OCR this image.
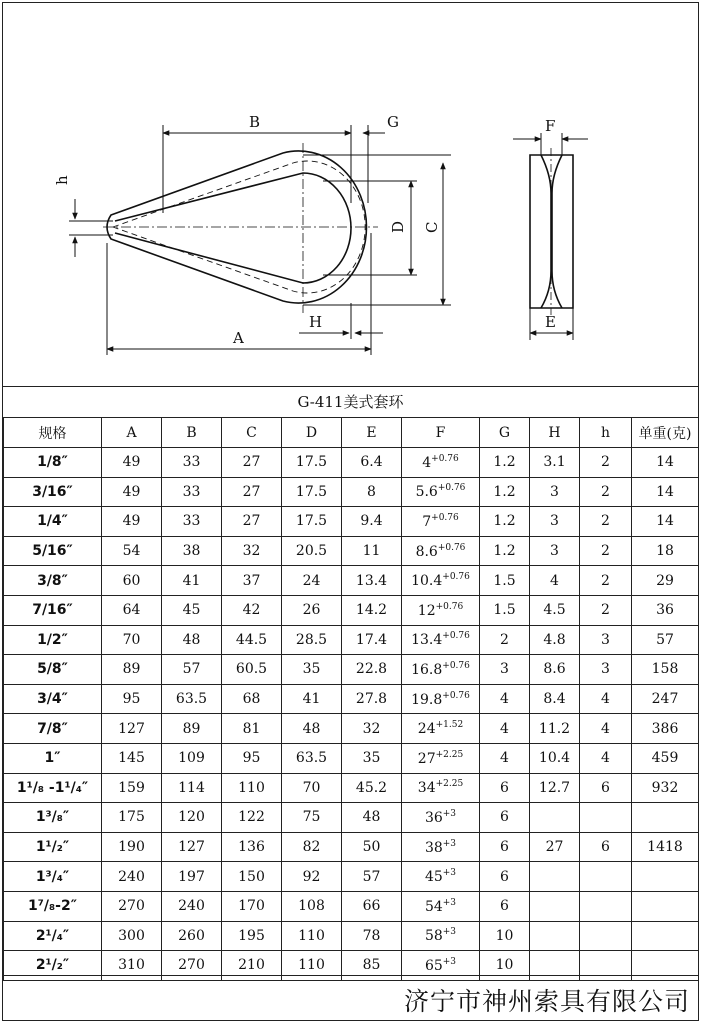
B	G
D C
A
H
h
F
E
G-411美式套环
规格	A	B	C	D	E	F	G	H	h	单重(克)
1/8″	49	33	27	17.5	6.4	$4^{+0.76}$	1.2	3.1	2	14
3/16″	49	33	27	17.5	8	$5.6^{+0.76}$	1.2	3	2	14
1/4″	49	33	27	17.5	9.4	$7^{+0.76}$	1.2	3	2	14
5/16″	54	38	32	20.5	11	$8.6^{+0.76}$	1.2	3	2	18
3/8″	60	41	37	24	13.4	$10.4^{+0.76}$	1.5	4	2	29
7/16″	64	45	42	26	14.2	$12^{+0.76}$	1.5	4.5	2	36
1/2″	70	48	44.5	28.5	17.4	$13.4^{+0.76}$	2	4.8	3	57
5/8″	89	57	60.5	35	22.8	$16.8^{+0.76}$	3	8.6	3	158
3/4″	95	63.5	68	41	27.8	$19.8^{+0.76}$	4	8.4	4	247
7/8″	127	89	81	48	32	$24^{+1.52}$	4	11.2	4	386
1″	145	109	95	63.5	35	$27^{+2.25}$	4	10.4	4	459
1¹/₈ -1¹/₄″	159	114	110	70	45.2	$34^{+2.25}$	6	12.7	6	932
1³/₈″	175	120	122	75	48	$36^{+3}$	6			
1¹/₂″	190	127	136	82	50	$38^{+3}$	6	27	6	1418
1³/₄″	240	197	150	92	57	$45^{+3}$	6			
1⁷/₈-2″	270	240	170	108	66	$54^{+3}$	6			
2¹/₄″	300	260	195	110	78	$58^{+3}$	10			
2¹/₂″	310	270	210	110	85	$65^{+3}$	10			
济宁市神州索具有限公司
